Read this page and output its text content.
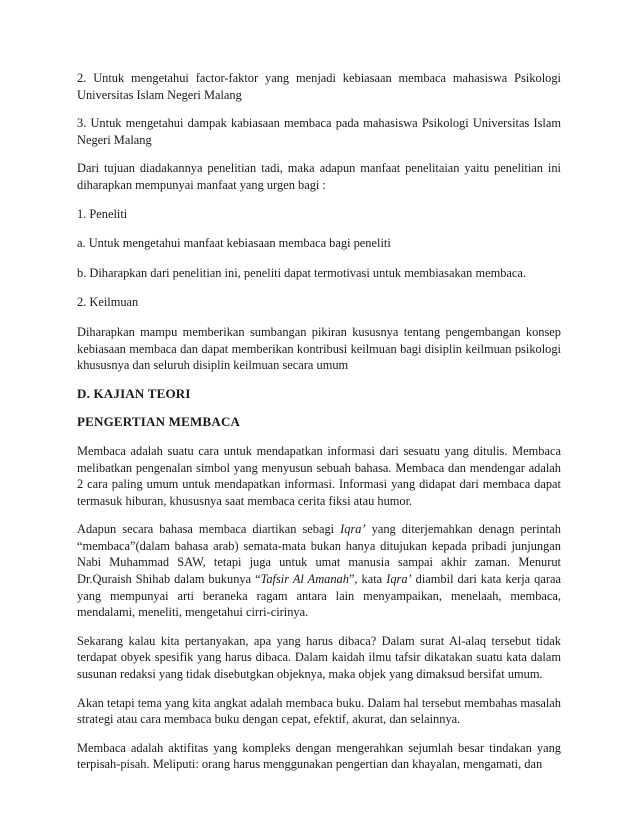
2. Untuk mengetahui factor-faktor yang menjadi kebiasaan membaca mahasiswa Psikologi Universitas Islam Negeri Malang

3. Untuk mengetahui dampak kabiasaan membaca pada mahasiswa Psikologi Universitas Islam Negeri Malang

Dari tujuan diadakannya penelitian tadi, maka adapun manfaat penelitaian yaitu penelitian ini diharapkan mempunyai manfaat yang urgen bagi :

1. Peneliti

a. Untuk mengetahui manfaat kebiasaan membaca bagi peneliti

b. Diharapkan dari penelitian ini, peneliti dapat termotivasi untuk membiasakan membaca.

2. Keilmuan

Diharapkan mampu memberikan sumbangan pikiran kususnya tentang pengembangan konsep kebiasaan membaca dan dapat memberikan kontribusi keilmuan bagi disiplin keilmuan psikologi khususnya dan seluruh disiplin keilmuan secara umum

D. KAJIAN TEORI

PENGERTIAN MEMBACA

Membaca adalah suatu cara untuk mendapatkan informasi dari sesuatu yang ditulis. Membaca melibatkan pengenalan simbol yang menyusun sebuah bahasa. Membaca dan mendengar adalah 2 cara paling umum untuk mendapatkan informasi. Informasi yang didapat dari membaca dapat termasuk hiburan, khususnya saat membaca cerita fiksi atau humor.

Adapun secara bahasa membaca diartikan sebagi Iqra’ yang diterjemahkan denagn perintah “membaca”(dalam bahasa arab) semata-mata bukan hanya ditujukan kepada pribadi junjungan Nabi Muhammad SAW, tetapi juga untuk umat manusia sampai akhir zaman. Menurut Dr.Quraish Shihab dalam bukunya “Tafsir Al Amanah”, kata Iqra’ diambil dari kata kerja qaraa yang mempunyai arti beraneka ragam antara lain menyampaikan, menelaah, membaca, mendalami, meneliti, mengetahui cirri-cirinya.

Sekarang kalau kita pertanyakan, apa yang harus dibaca? Dalam surat Al-alaq tersebut tidak terdapat obyek spesifik yang harus dibaca. Dalam kaidah ilmu tafsir dikatakan suatu kata dalam susunan redaksi yang tidak disebutgkan objeknya, maka objek yang dimaksud bersifat umum.

Akan tetapi tema yang kita angkat adalah membaca buku. Dalam hal tersebut membahas masalah strategi atau cara membaca buku dengan cepat, efektif, akurat, dan selainnya.

Membaca adalah aktifitas yang kompleks dengan mengerahkan sejumlah besar tindakan yang terpisah-pisah. Meliputi: orang harus menggunakan pengertian dan khayalan, mengamati, dan
